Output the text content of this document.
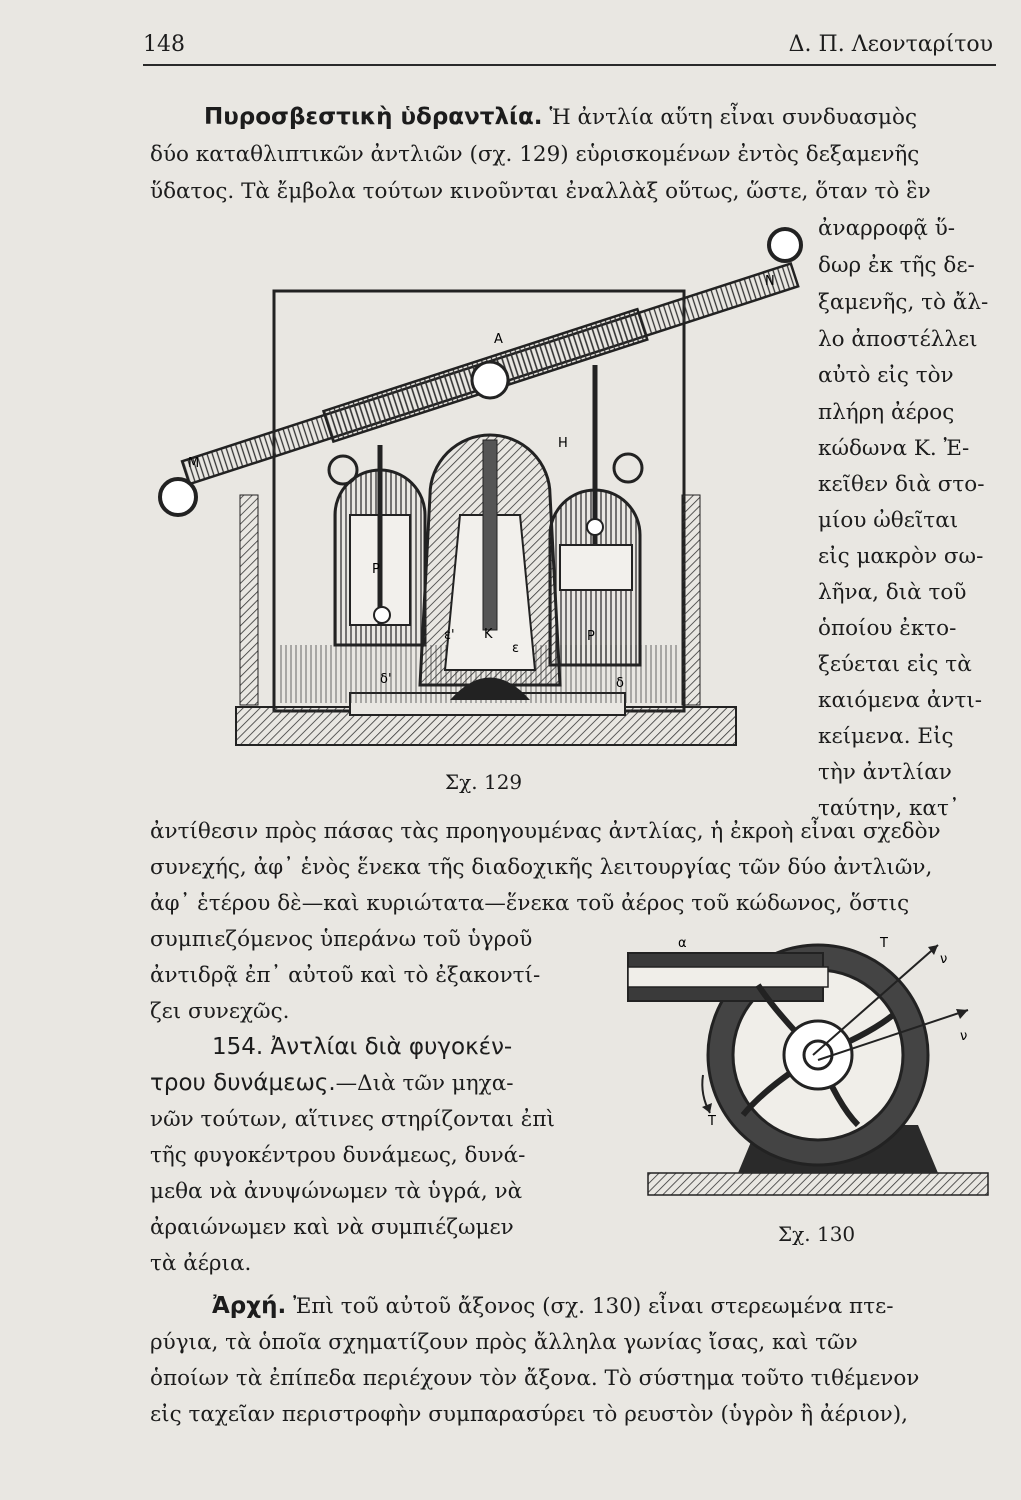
148	Δ. Π. Λεονταρίτου
Πυροσβεστικὴ ὑδραντλία. Ἡ ἀντλία αὕτη εἶναι συνδυασμὸς
δύο καταθλιπτικῶν ἀντλιῶν (σχ. 129) εὑρισκομένων ἐντὸς δεξαμενῆς
ὕδατος. Τὰ ἔμβολα τούτων κινοῦνται ἐναλλὰξ οὕτως, ὥστε, ὅταν τὸ ἓν
ἀναρροφᾷ ὕ-
δωρ ἐκ τῆς δε-
ξαμενῆς, τὸ ἄλ-
λο ἀποστέλλει
αὐτὸ εἰς τὸν
πλήρη ἀέρος
κώδωνα Κ. Ἐ-
κεῖθεν διὰ στο-
μίου ὠθεῖται
εἰς μακρὸν σω-
λῆνα, διὰ τοῦ
ὁποίου ἐκτο-
ξεύεται εἰς τὰ
καιόμενα ἀντι-
κείμενα. Εἰς
τὴν ἀντλίαν
ταύτην, κατ᾽
Α
Ν
Μ
Η
Κ
Ρ
Ρ
ε'
ε
δ'	δ
Σχ. 129
ἀντίθεσιν πρὸς πάσας τὰς προηγουμένας ἀντλίας, ἡ ἐκροὴ εἶναι σχεδὸν
συνεχής, ἀφ᾽ ἑνὸς ἕνεκα τῆς διαδοχικῆς λειτουργίας τῶν δύο ἀντλιῶν,
ἀφ᾽ ἑτέρου δὲ—καὶ κυριώτατα—ἕνεκα τοῦ ἀέρος τοῦ κώδωνος, ὅστις
συμπιεζόμενος ὑπεράνω τοῦ ὑγροῦ
ἀντιδρᾷ ἐπ᾽ αὐτοῦ καὶ τὸ ἐξακοντί-
ζει συνεχῶς.
154. Ἀντλίαι διὰ φυγοκέν-
τρου δυνάμεως.—Διὰ τῶν μηχα-
νῶν τούτων, αἵτινες στηρίζονται ἐπὶ
τῆς φυγοκέντρου δυνάμεως, δυνά-
μεθα νὰ ἀνυψώνωμεν τὰ ὑγρά, νὰ
ἀραιώνωμεν καὶ νὰ συμπιέζωμεν
τὰ ἀέρια.
α	Τ
ν
ν
Τ
Σχ. 130
Ἀρχή. Ἐπὶ τοῦ αὐτοῦ ἄξονος (σχ. 130) εἶναι στερεωμένα πτε-
ρύγια, τὰ ὁποῖα σχηματίζουν πρὸς ἄλληλα γωνίας ἴσας, καὶ τῶν
ὁποίων τὰ ἐπίπεδα περιέχουν τὸν ἄξονα. Τὸ σύστημα τοῦτο τιθέμενον
εἰς ταχεῖαν περιστροφὴν συμπαρασύρει τὸ ρευστὸν (ὑγρὸν ἢ ἀέριον),
